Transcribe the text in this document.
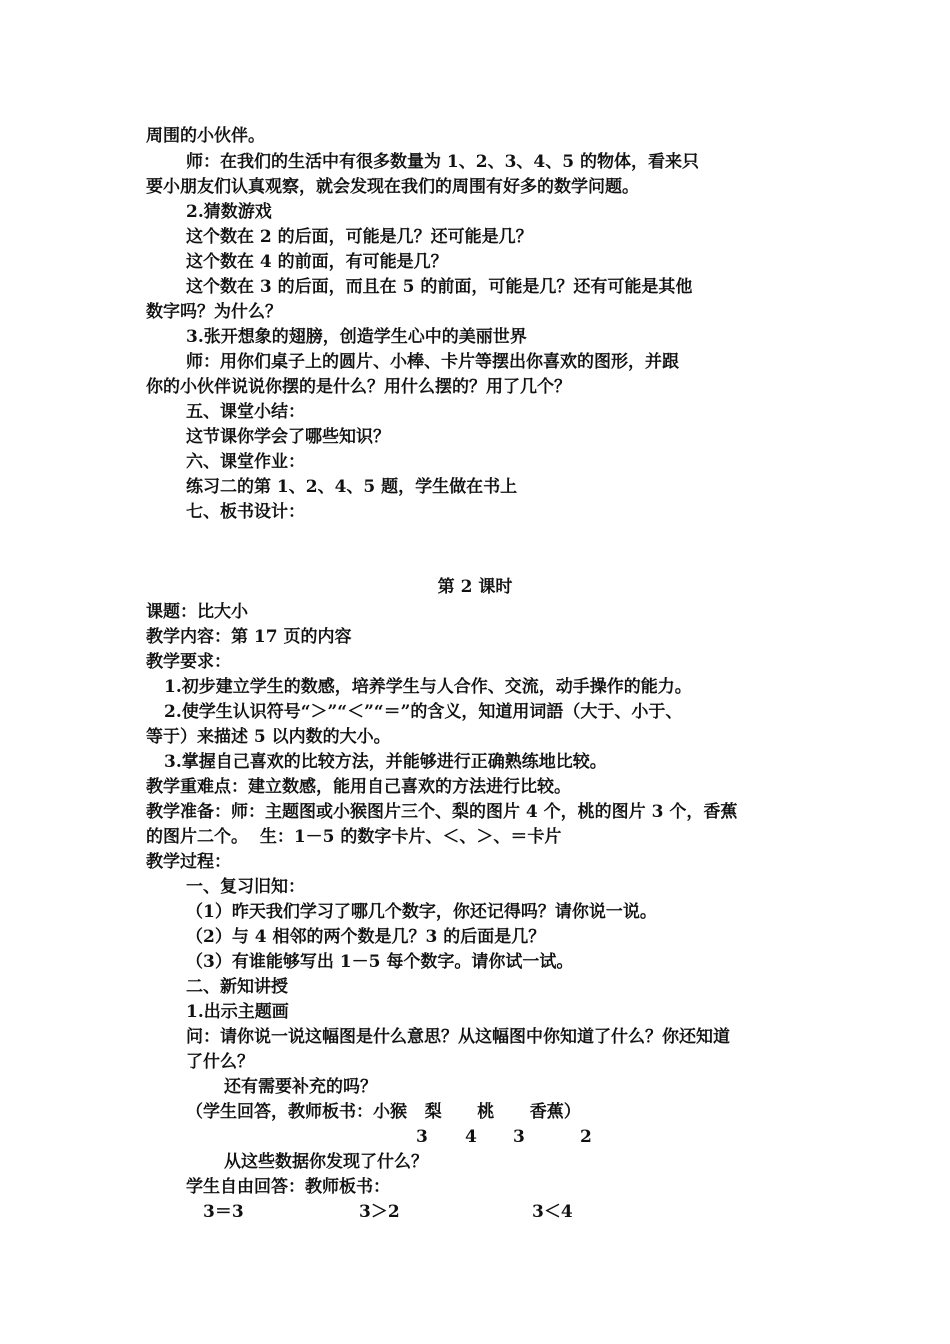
周围的小伙伴。
师：在我们的生活中有很多数量为 1、2、3、4、5 的物体，看来只
要小朋友们认真观察，就会发现在我们的周围有好多的数学问题。
2.猜数游戏
这个数在 2 的后面，可能是几？还可能是几？
这个数在 4 的前面，有可能是几？
这个数在 3 的后面，而且在 5 的前面，可能是几？还有可能是其他
数字吗？为什么？
3.张开想象的翅膀，创造学生心中的美丽世界
师：用你们桌子上的圆片、小棒、卡片等摆出你喜欢的图形，并跟
你的小伙伴说说你摆的是什么？用什么摆的？用了几个？
五、课堂小结：
这节课你学会了哪些知识？
六、课堂作业：
练习二的第 1、2、4、5 题，学生做在书上
七、板书设计：
第 2 课时
课题：比大小
教学内容：第 17 页的内容
教学要求：
1.初步建立学生的数感，培养学生与人合作、交流，动手操作的能力。
2.使学生认识符号“＞”“＜”“＝”的含义，知道用词語（大于、小于、
等于）来描述 5 以内数的大小。
3.掌握自己喜欢的比较方法，并能够进行正确熟练地比较。
教学重难点：建立数感，能用自己喜欢的方法进行比较。
教学准备：师：主题图或小猴图片三个、梨的图片 4 个，桃的图片 3 个，香蕉
的图片二个。  生：1－5 的数字卡片、＜、＞、＝卡片
教学过程：
一、复习旧知：
（1）昨天我们学习了哪几个数字，你还记得吗？请你说一说。
（2）与 4 相邻的两个数是几？3 的后面是几？
（3）有谁能够写出 1－5 每个数字。请你试一试。
二、新知讲授
1.出示主题画
问：请你说一说这幅图是什么意思？从这幅图中你知道了什么？你还知道
了什么？
还有需要补充的吗？
（学生回答，教师板书：小猴   梨      桃      香蕉）
3 4 3	2
从这些数据你发现了什么？
学生自由回答：教师板书：
3＝3	3＞2	3＜4
